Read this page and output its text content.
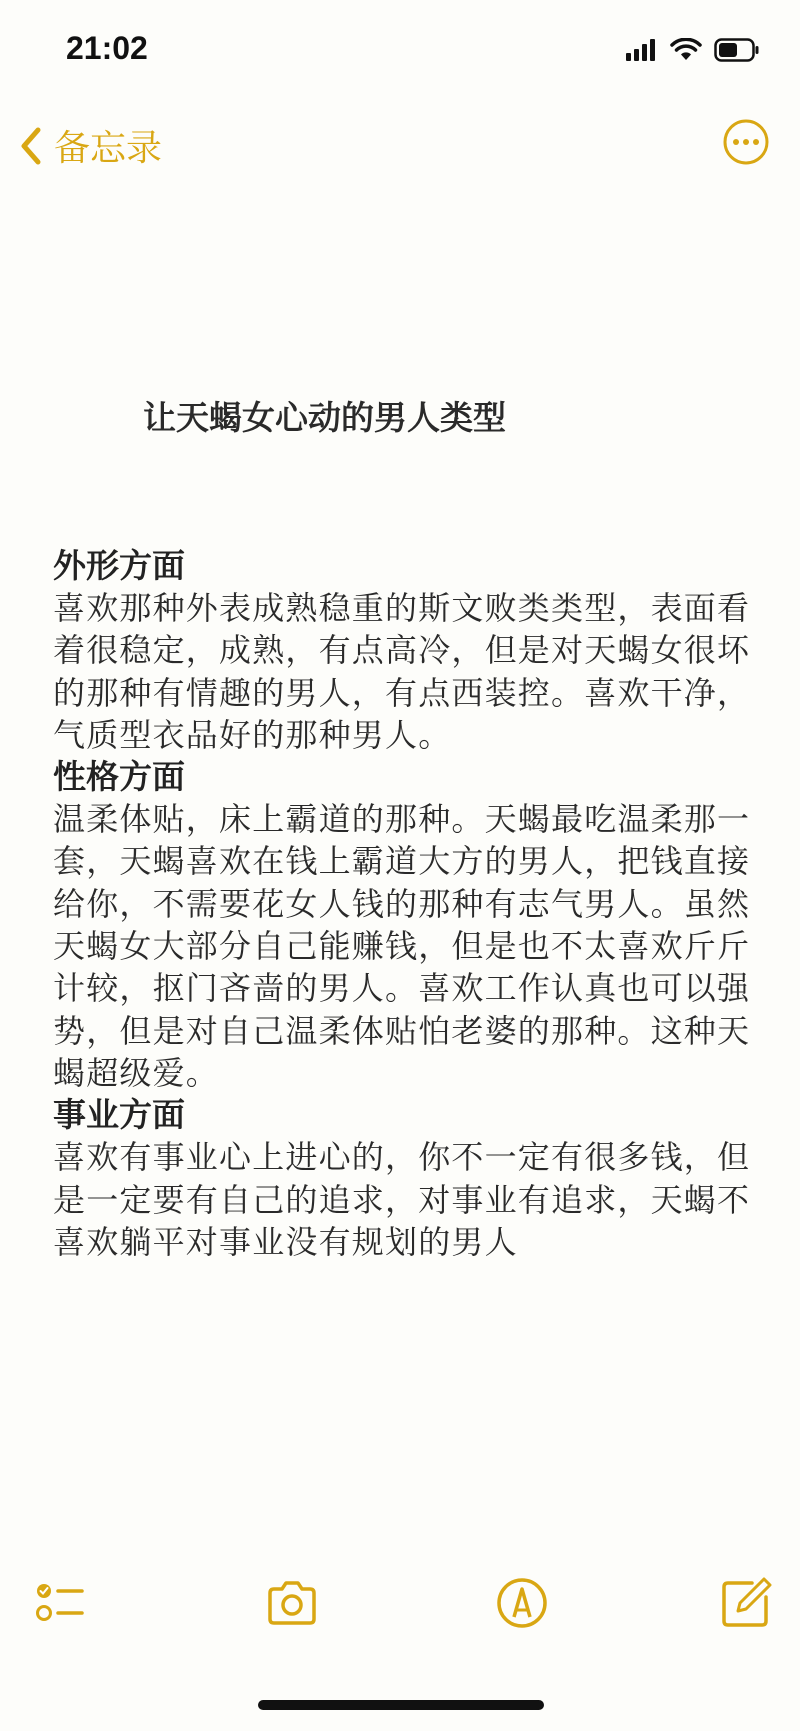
21:02
备忘录
让天蝎女心动的男人类型

外形方面

喜欢那种外表成熟稳重的斯文败类类型，表面看着很稳定，成熟，有点高冷，但是对天蝎女很坏的那种有情趣的男人，有点西装控。喜欢干净，气质型衣品好的那种男人。

性格方面

温柔体贴，床上霸道的那种。天蝎最吃温柔那一套，天蝎喜欢在钱上霸道大方的男人，把钱直接给你，不需要花女人钱的那种有志气男人。虽然天蝎女大部分自己能赚钱，但是也不太喜欢斤斤计较，抠门吝啬的男人。喜欢工作认真也可以强势，但是对自己温柔体贴怕老婆的那种。这种天蝎超级爱。

事业方面

喜欢有事业心上进心的，你不一定有很多钱，但是一定要有自己的追求，对事业有追求，天蝎不喜欢躺平对事业没有规划的男人
